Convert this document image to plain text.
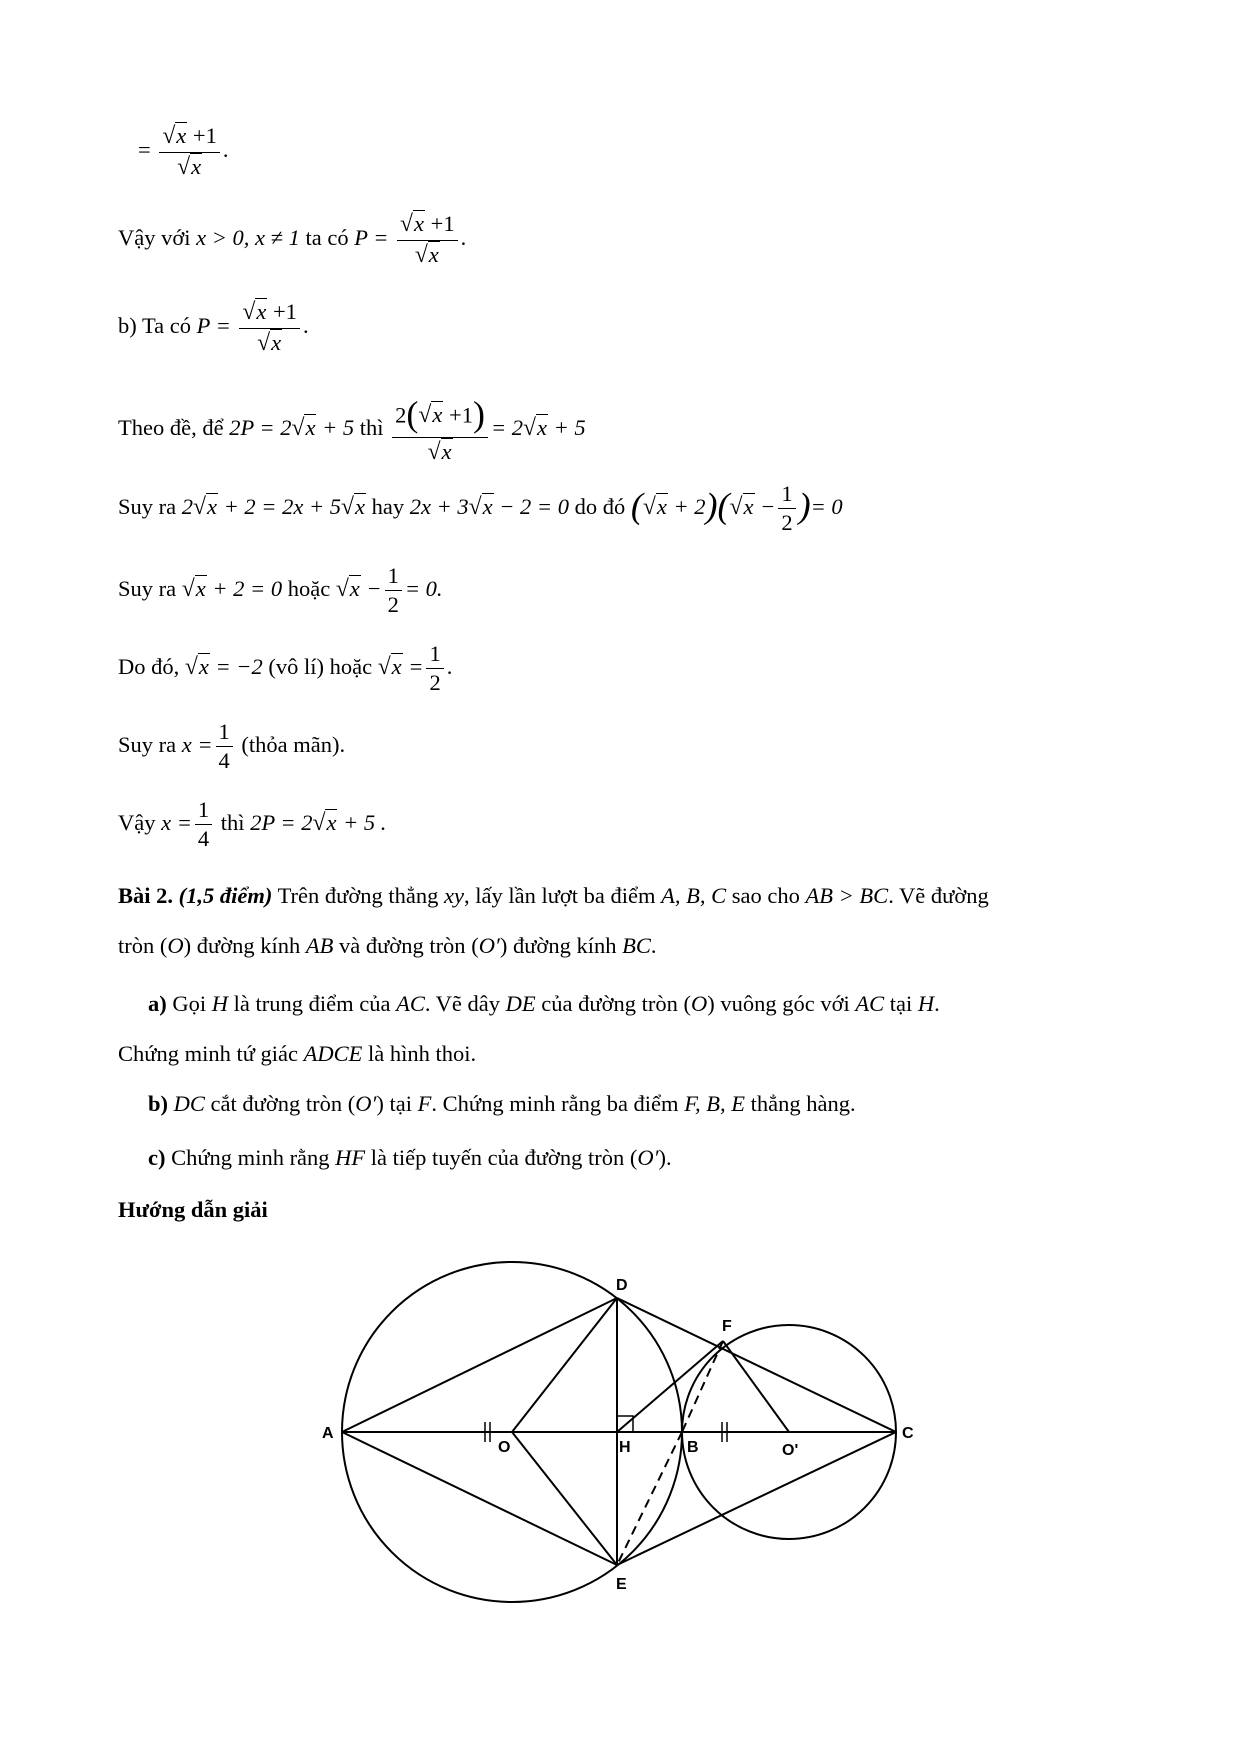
= $\frac{√x +1}{√x}$ .
Vậy với x > 0, x ≠ 1 ta có $P = \frac{√x +1}{√x}$ .
b) Ta có $P = \frac{√x +1}{√x}$ .
Theo đề, để 2P = 2√x + 5 thì $\frac{2(√x +1)}{√x} = 2√x + 5$
Suy ra 2√x + 2 = 2x + 5√x hay 2x + 3√x − 2 = 0 do đó $(√x + 2)(√x - \frac{1}{2}$ )= 0
Suy ra √x + 2 = 0 hoặc $√x - \frac{1}{2} = 0$.
Do đó, √x = −2 (vô lí) hoặc $√x = \frac{1}{2}$ .
Suy ra $x = \frac{1}{4}$ (thỏa mãn).
Vậy $x = \frac{1}{4}$ thì 2P = 2√x + 5 .
Bài 2. (1,5 điểm) Trên đường thẳng xy, lấy lần lượt ba điểm A, B, C sao cho AB > BC. Vẽ đường
tròn (O) đường kính AB và đường tròn (O′) đường kính BC.
a) Gọi H là trung điểm của AC. Vẽ dây DE của đường tròn (O) vuông góc với AC tại H.
Chứng minh tứ giác ADCE là hình thoi.
b) DC cắt đường tròn (O′) tại F. Chứng minh rằng ba điểm F, B, E thẳng hàng.
c) Chứng minh rằng HF là tiếp tuyến của đường tròn (O′).
Hướng dẫn giải
A
O	H	B	O'
C
D
E
F
